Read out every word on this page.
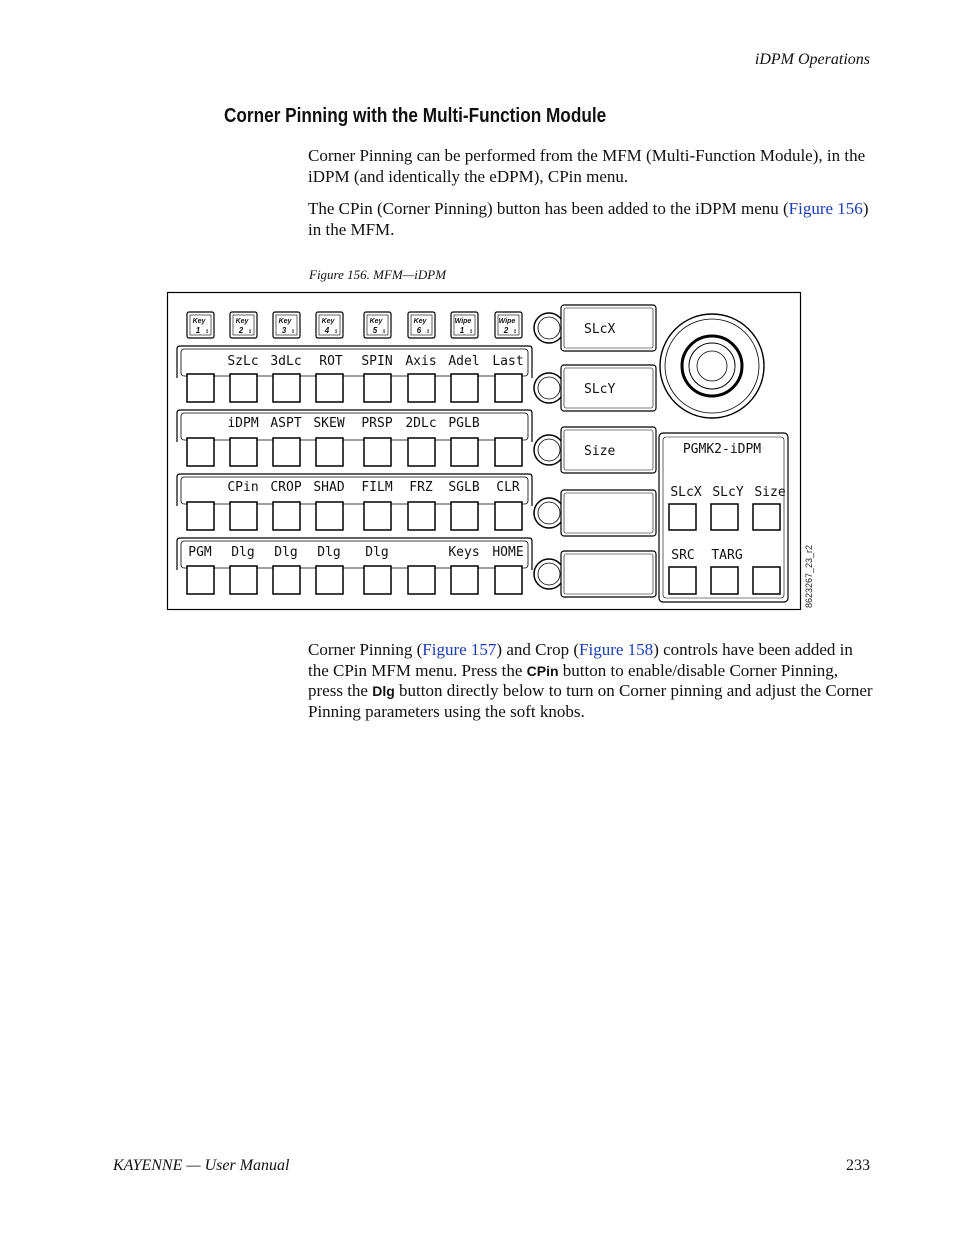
iDPM Operations
Corner Pinning with the Multi-Function Module
Corner Pinning can be performed from the MFM (Multi-Function Module), in the iDPM (and identically the eDPM), CPin menu.
The CPin (Corner Pinning) button has been added to the iDPM menu (Figure 156) in the MFM.
Figure 156. MFM—iDPM
Key
1 ↕
Key
2 ↕
Key
3 ↕
Key
4 ↕
Key
5 ↕
Key
6 ↕
Wipe
1 ↕
Wipe
2 ↕
SzLc 3dLc ROT SPIN Axis Adel Last
iDPM ASPT SKEW PRSP 2DLc PGLB
CPin CROP SHAD FILM FRZ SGLB CLR
PGM Dlg Dlg Dlg Dlg	Keys HOME
SLcX
SLcY
Size	PGMK2-iDPM
SLcX SLcY Size
SRC TARG	8623267_23_r2
Corner Pinning (Figure 157) and Crop (Figure 158) controls have been added in the CPin MFM menu. Press the CPin button to enable/disable Corner Pinning, press the Dlg button directly below to turn on Corner pinning and adjust the Corner Pinning parameters using the soft knobs.
KAYENNE — User Manual	233
